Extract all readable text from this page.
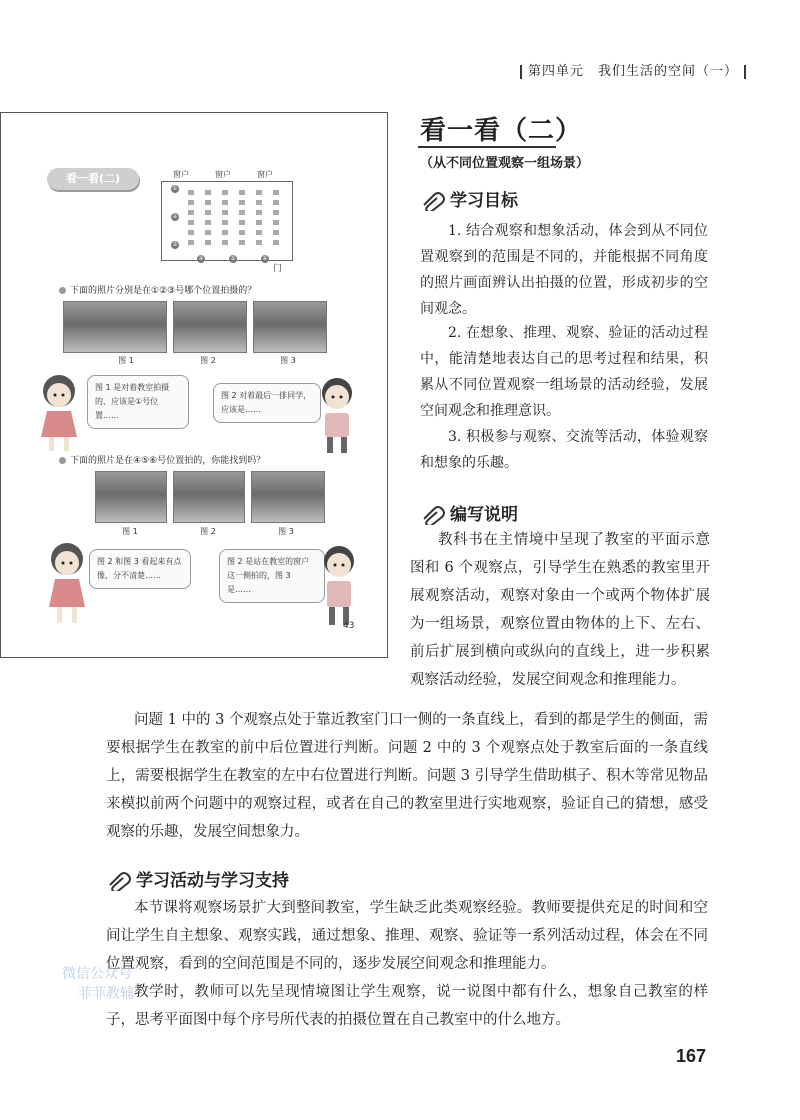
第四单元　我们生活的空间（一）
看一看(二)	窗户	窗户	窗户
门
①
②
③
④	⑤	⑥
下面的照片分别是在①②③号哪个位置拍摄的？
图 1	图 2	图 3
图 1 是对着教室拍摄的，应该是①号位置……
图 2 对着最后一排同学，应该是……
下面的照片是在④⑤⑥号位置拍的，你能找到吗？
图 1	图 2	图 3
图 2 和图 3 看起来有点像，分不清楚……
图 2 是站在教室的窗户这一侧拍的，图 3 是……
43
看一看（二）
（从不同位置观察一组场景）
学习目标
1. 结合观察和想象活动，体会到从不同位置观察到的范围是不同的，并能根据不同角度的照片画面辨认出拍摄的位置，形成初步的空间观念。
2. 在想象、推理、观察、验证的活动过程中，能清楚地表达自己的思考过程和结果，积累从不同位置观察一组场景的活动经验，发展空间观念和推理意识。
3. 积极参与观察、交流等活动，体验观察和想象的乐趣。
编写说明
教科书在主情境中呈现了教室的平面示意图和 6 个观察点，引导学生在熟悉的教室里开展观察活动，观察对象由一个或两个物体扩展为一组场景，观察位置由物体的上下、左右、前后扩展到横向或纵向的直线上，进一步积累观察活动经验，发展空间观念和推理能力。
问题 1 中的 3 个观察点处于靠近教室门口一侧的一条直线上，看到的都是学生的侧面，需要根据学生在教室的前中后位置进行判断。问题 2 中的 3 个观察点处于教室后面的一条直线上，需要根据学生在教室的左中右位置进行判断。问题 3 引导学生借助棋子、积木等常见物品来模拟前两个问题中的观察过程，或者在自己的教室里进行实地观察，验证自己的猜想，感受观察的乐趣，发展空间想象力。
学习活动与学习支持
本节课将观察场景扩大到整间教室，学生缺乏此类观察经验。教师要提供充足的时间和空间让学生自主想象、观察实践，通过想象、推理、观察、验证等一系列活动过程，体会在不同位置观察，看到的空间范围是不同的，逐步发展空间观念和推理能力。
教学时，教师可以先呈现情境图让学生观察，说一说图中都有什么，想象自己教室的样子，思考平面图中每个序号所代表的拍摄位置在自己教室中的什么地方。
微信公众号
菲菲教辅
167
